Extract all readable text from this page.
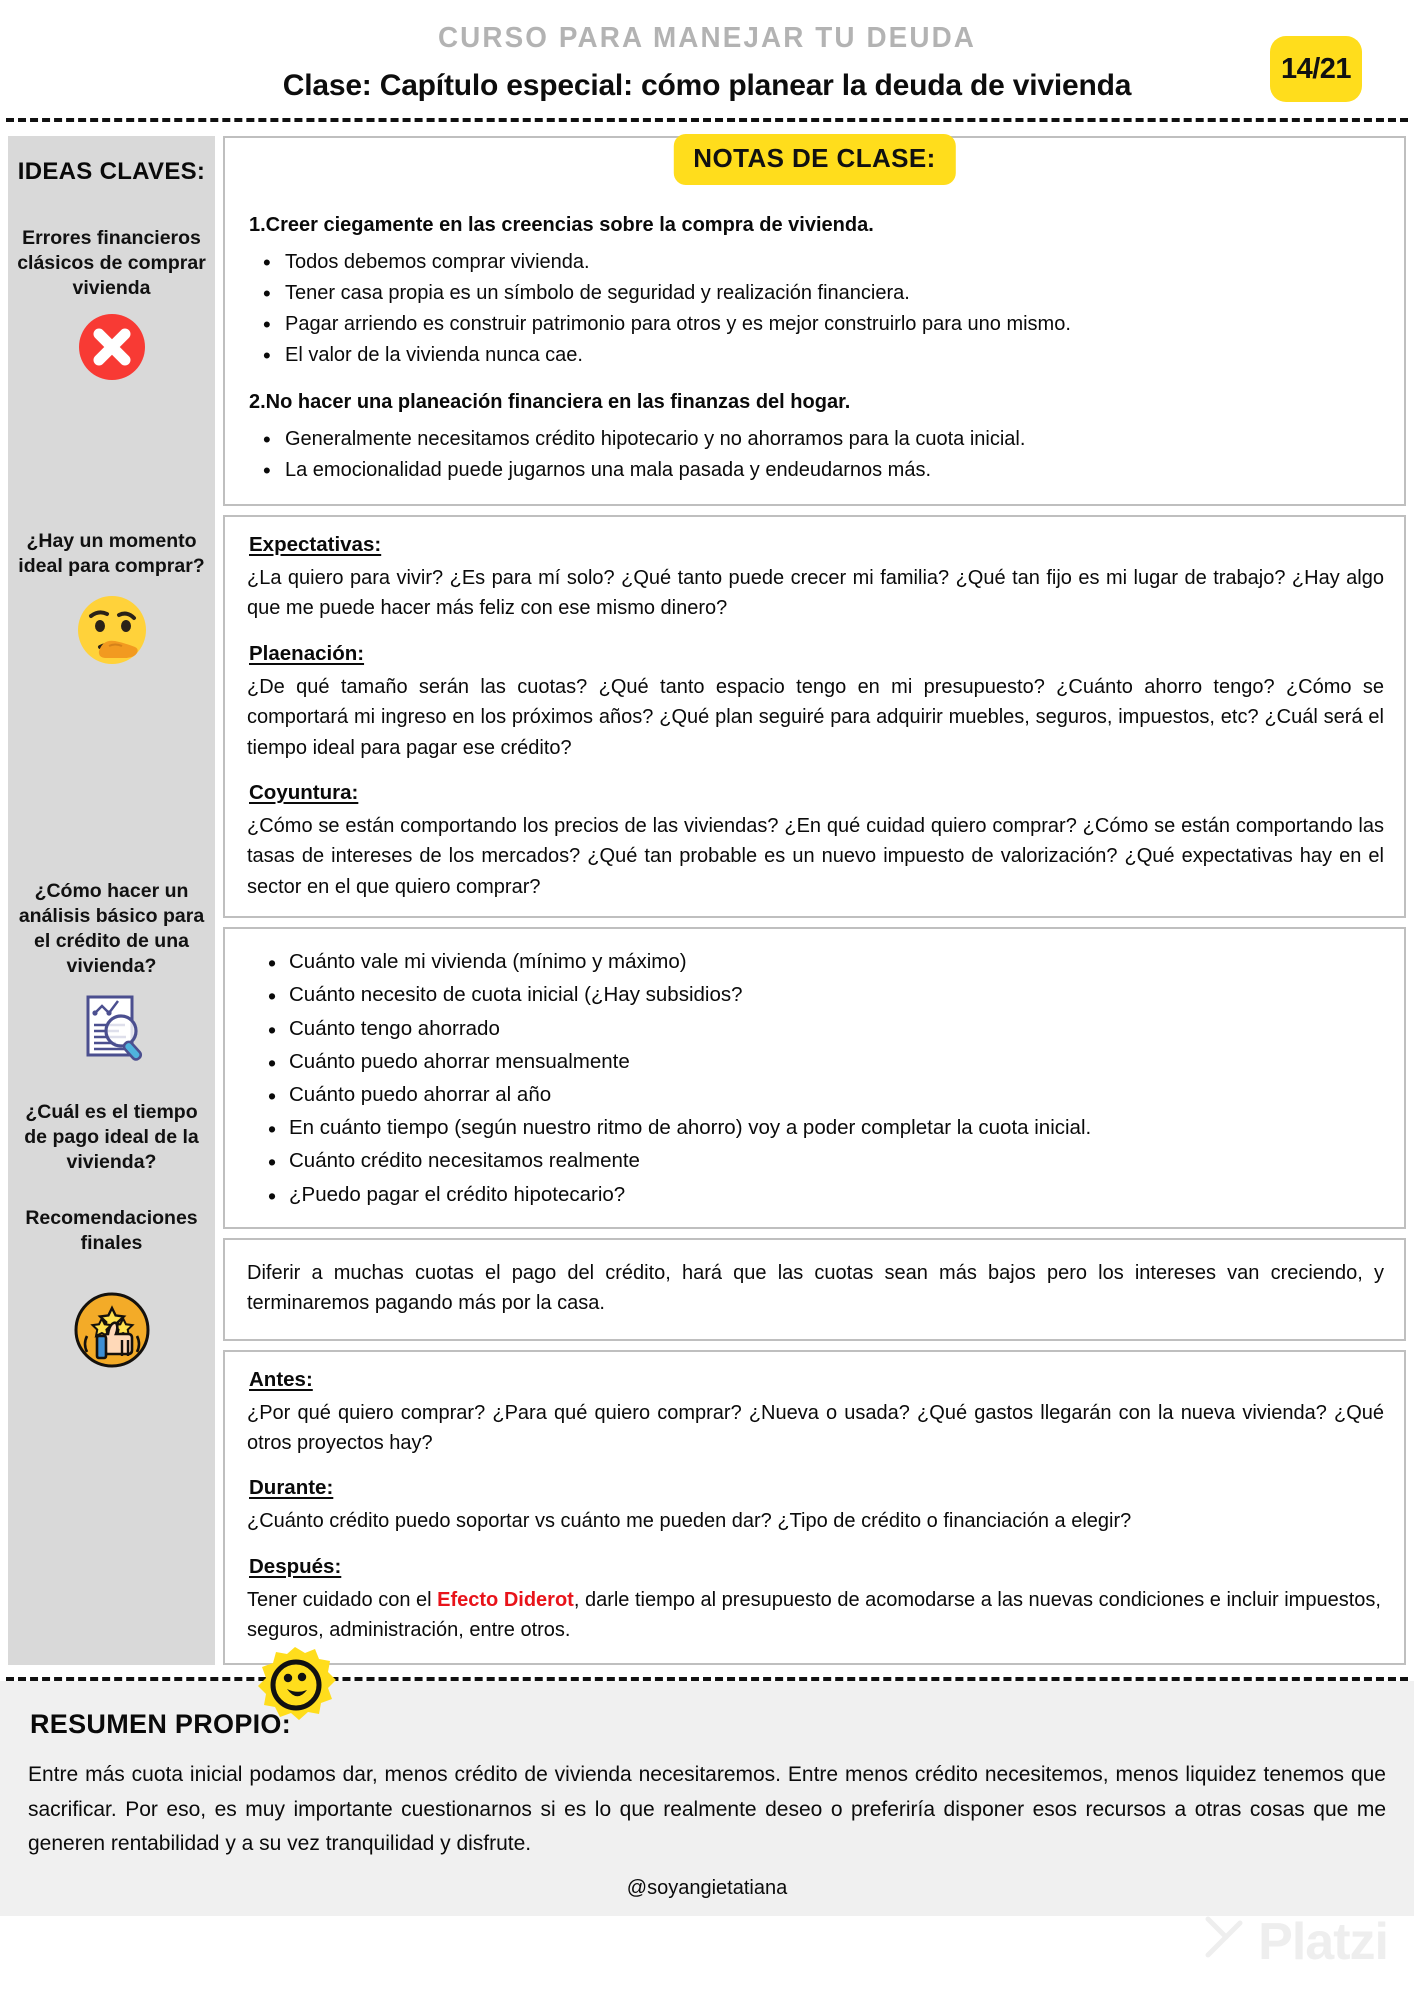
CURSO PARA MANEJAR TU DEUDA
Clase: Capítulo especial: cómo planear la deuda de vivienda
14/21
IDEAS CLAVES:
Errores financieros clásicos de comprar vivienda
¿Hay un momento ideal para comprar?
¿Cómo hacer un análisis básico para el crédito de una vivienda?
¿Cuál es el tiempo de pago ideal de la vivienda?
Recomendaciones finales
NOTAS DE CLASE:

1.Creer ciegamente en las creencias sobre la compra de vivienda.

• Todos debemos comprar vivienda.
• Tener casa propia es un símbolo de seguridad y realización financiera.
• Pagar arriendo es construir patrimonio para otros y es mejor construirlo para uno mismo.
• El valor de la vivienda nunca cae.

2.No hacer una planeación financiera en las finanzas del hogar.

• Generalmente necesitamos crédito hipotecario y no ahorramos para la cuota inicial.
• La emocionalidad puede jugarnos una mala pasada y endeudarnos más.

Expectativas:

¿La quiero para vivir? ¿Es para mí solo? ¿Qué tanto puede crecer mi familia? ¿Qué tan fijo es mi lugar de trabajo? ¿Hay algo que me puede hacer más feliz con ese mismo dinero?

Plaenación:

¿De qué tamaño serán las cuotas? ¿Qué tanto espacio tengo en mi presupuesto? ¿Cuánto ahorro tengo? ¿Cómo se comportará mi ingreso en los próximos años? ¿Qué plan seguiré para adquirir muebles, seguros, impuestos, etc? ¿Cuál será el tiempo ideal para pagar ese crédito?

Coyuntura:

¿Cómo se están comportando los precios de las viviendas? ¿En qué cuidad quiero comprar? ¿Cómo se están comportando las tasas de intereses de los mercados? ¿Qué tan probable es un nuevo impuesto de valorización? ¿Qué expectativas hay en el sector en el que quiero comprar?

• Cuánto vale mi vivienda (mínimo y máximo)
• Cuánto necesito de cuota inicial (¿Hay subsidios?
• Cuánto tengo ahorrado
• Cuánto puedo ahorrar mensualmente
• Cuánto puedo ahorrar al año
• En cuánto tiempo (según nuestro ritmo de ahorro) voy a poder completar la cuota inicial.
• Cuánto crédito necesitamos realmente
• ¿Puedo pagar el crédito hipotecario?

Diferir a muchas cuotas el pago del crédito, hará que las cuotas sean más bajos pero los intereses van creciendo, y terminaremos pagando más por la casa.

Antes:

¿Por qué quiero comprar? ¿Para qué quiero comprar? ¿Nueva o usada? ¿Qué gastos llegarán con la nueva vivienda? ¿Qué otros proyectos hay?

Durante:

¿Cuánto crédito puedo soportar vs cuánto me pueden dar? ¿Tipo de crédito o financiación a elegir?

Después:

Tener cuidado con el Efecto Diderot, darle tiempo al presupuesto de acomodarse a las nuevas condiciones e incluir impuestos, seguros, administración, entre otros.

RESUMEN PROPIO:
Entre más cuota inicial podamos dar, menos crédito de vivienda necesitaremos. Entre menos crédito necesitemos, menos liquidez tenemos que sacrificar. Por eso, es muy importante cuestionarnos si es lo que realmente deseo o preferiría disponer esos recursos a otras cosas que me generen rentabilidad y a su vez tranquilidad y disfrute.
@soyangietatiana
Platzi
